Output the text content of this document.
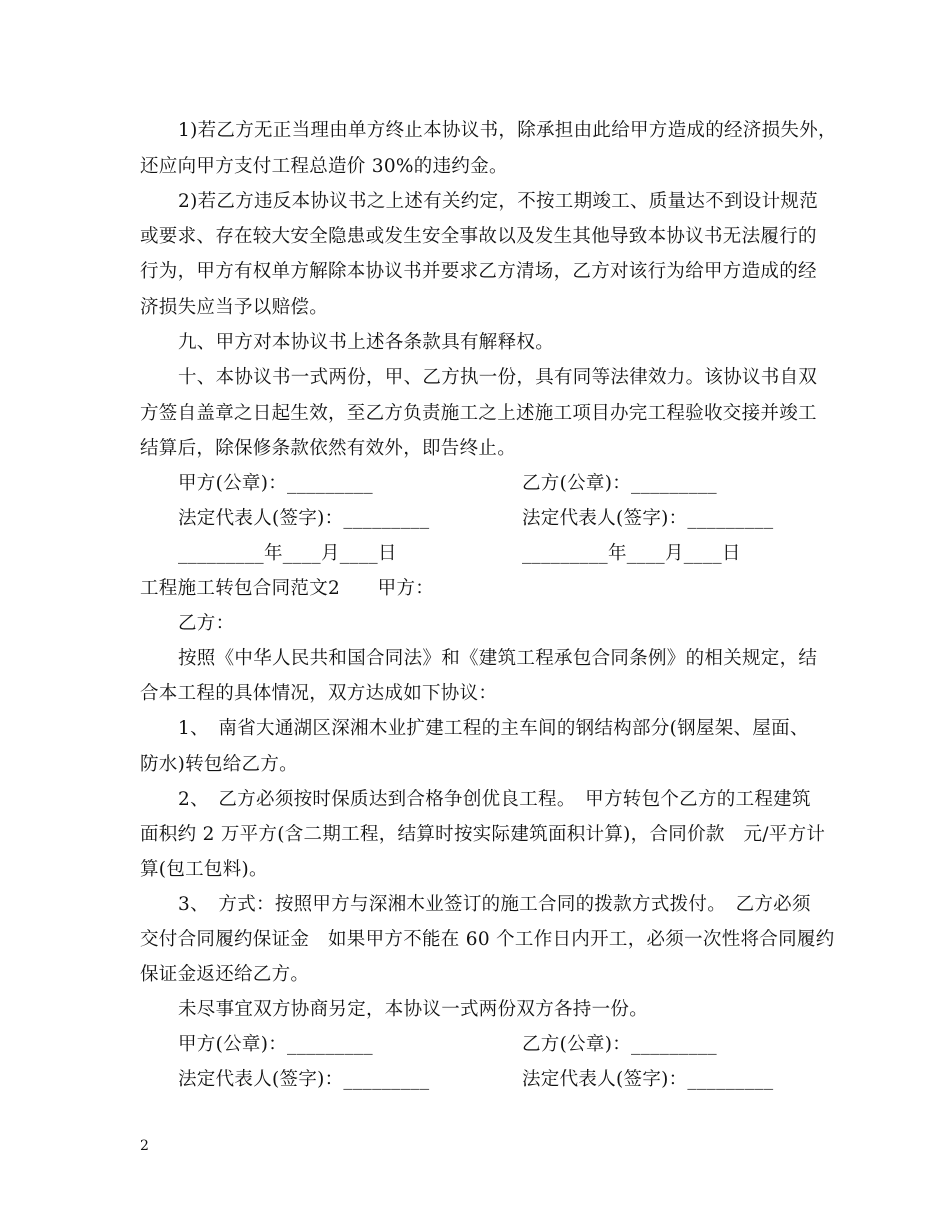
1)若乙方无正当理由单方终止本协议书，除承担由此给甲方造成的经济损失外，
还应向甲方支付工程总造价 30%的违约金。
2)若乙方违反本协议书之上述有关约定，不按工期竣工、质量达不到设计规范
或要求、存在较大安全隐患或发生安全事故以及发生其他导致本协议书无法履行的
行为，甲方有权单方解除本协议书并要求乙方清场，乙方对该行为给甲方造成的经
济损失应当予以赔偿。
九、甲方对本协议书上述各条款具有解释权。
十、本协议书一式两份，甲、乙方执一份，具有同等法律效力。该协议书自双
方签自盖章之日起生效，至乙方负责施工之上述施工项目办完工程验收交接并竣工
结算后，除保修条款依然有效外，即告终止。
甲方(公章)：_________	乙方(公章)：_________
法定代表人(签字)：_________	法定代表人(签字)：_________
_________年____月____日	_________年____月____日
工程施工转包合同范文2　　甲方：
乙方：
按照《中华人民共和国合同法》和《建筑工程承包合同条例》的相关规定，结
合本工程的具体情况，双方达成如下协议：
1、　南省大通湖区深湘木业扩建工程的主车间的钢结构部分(钢屋架、屋面、
防水)转包给乙方。
2、　乙方必须按时保质达到合格争创优良工程。　甲方转包个乙方的工程建筑
面积约 2 万平方(含二期工程，结算时按实际建筑面积计算)，合同价款　元/平方计
算(包工包料)。
3、　方式：按照甲方与深湘木业签订的施工合同的拨款方式拨付。　乙方必须
交付合同履约保证金　如果甲方不能在 60 个工作日内开工，必须一次性将合同履约
保证金返还给乙方。
未尽事宜双方协商另定，本协议一式两份双方各持一份。
甲方(公章)：_________	乙方(公章)：_________
法定代表人(签字)：_________	法定代表人(签字)：_________
2
